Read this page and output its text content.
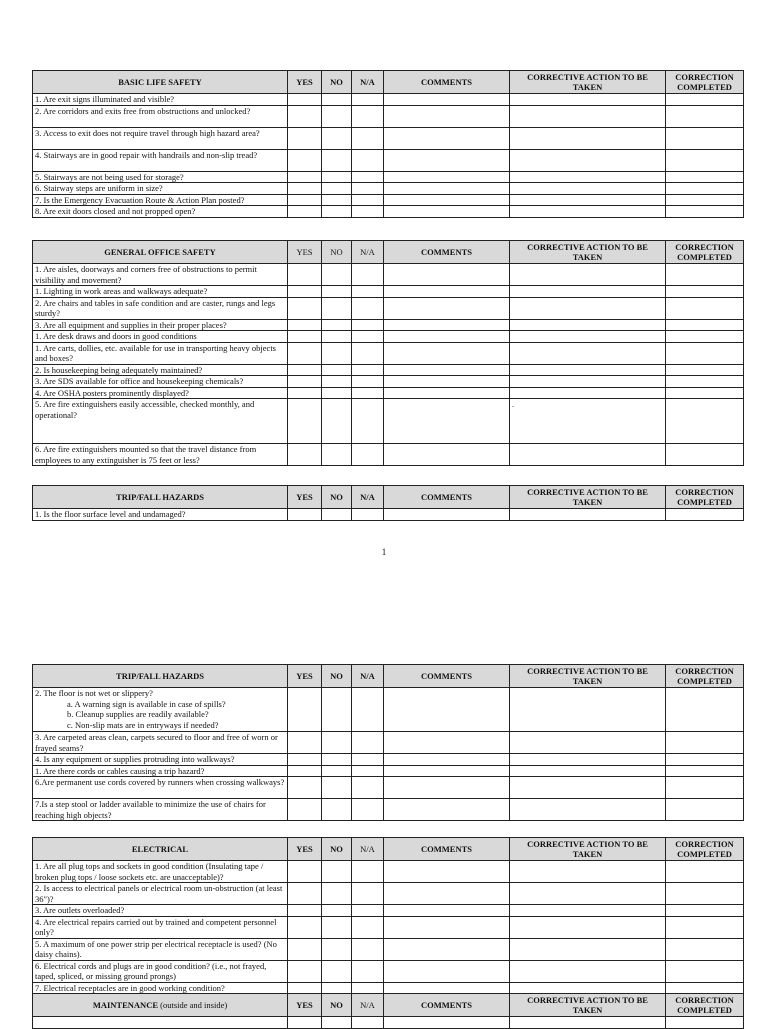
BASIC LIFE SAFETY	YES	NO	N/A	COMMENTS	CORRECTIVE ACTION TO BE TAKEN	CORRECTION COMPLETED
1. Are exit signs illuminated and visible?						
2. Are corridors and exits free from obstructions and unlocked?						
3. Access to exit does not require travel through high hazard area?						
4. Stairways are in good repair with handrails and non-slip tread?						
5. Stairways are not being used for storage?						
6. Stairway steps are uniform in size?						
7. Is the Emergency Evacuation Route & Action Plan posted?						
8. Are exit doors closed and not propped open?						
GENERAL OFFICE SAFETY	YES	NO	N/A	COMMENTS	CORRECTIVE ACTION TO BE TAKEN	CORRECTION COMPLETED
1. Are aisles, doorways and corners free of obstructions to permit visibility and movement?						
1. Lighting in work areas and walkways adequate?						
2. Are chairs and tables in safe condition and are caster, rungs and legs sturdy?						
3. Are all equipment and supplies in their proper places?						
1. Are desk draws and doors in good conditions						
1. Are carts, dollies, etc. available for use in transporting heavy objects and boxes?						
2. Is housekeeping being adequately maintained?						
3. Are SDS available for office and housekeeping chemicals?						
4. Are OSHA posters prominently displayed?						
5. Are fire extinguishers easily accessible, checked monthly, and operational?					.	
6. Are fire extinguishers mounted so that the travel distance from employees to any extinguisher is 75 feet or less?						
TRIP/FALL HAZARDS	YES	NO	N/A	COMMENTS	CORRECTIVE ACTION TO BE TAKEN	CORRECTION COMPLETED
1. Is the floor surface level and undamaged?						
1
TRIP/FALL HAZARDS	YES	NO	N/A	COMMENTS	CORRECTIVE ACTION TO BE TAKEN	CORRECTION COMPLETED

2. The floor is not wet or slippery?
a. A warning sign is available in case of spills?
b. Cleanup supplies are readily available?
c. Non-slip mats are in entryways if needed?						

3. Are carpeted areas clean, carpets secured to floor and free of worn or frayed seams?						
4. Is any equipment or supplies protruding into walkways?						
1. Are there cords or cables causing a trip hazard?						
6.Are permanent use cords covered by runners when crossing walkways?						
7.Is a step stool or ladder available to minimize the use of chairs for reaching high objects?						
ELECTRICAL	YES	NO	N/A	COMMENTS	CORRECTIVE ACTION TO BE TAKEN	CORRECTION COMPLETED
1. Are all plug tops and sockets in good condition (Insulating tape / broken plug tops / loose sockets etc. are unacceptable)?						
2. Is access to electrical panels or electrical room un-obstruction (at least 36")?						
3. Are outlets overloaded?						
4. Are electrical repairs carried out by trained and competent personnel only?						
5. A maximum of one power strip per electrical receptacle is used? (No daisy chains).						
6. Electrical cords and plugs are in good condition? (i.e., not frayed, taped, spliced, or missing ground prongs)						
7. Electrical receptacles are in good working condition?						
MAINTENANCE (outside and inside)	YES	NO	N/A	COMMENTS	CORRECTIVE ACTION TO BE TAKEN	CORRECTION COMPLETED
